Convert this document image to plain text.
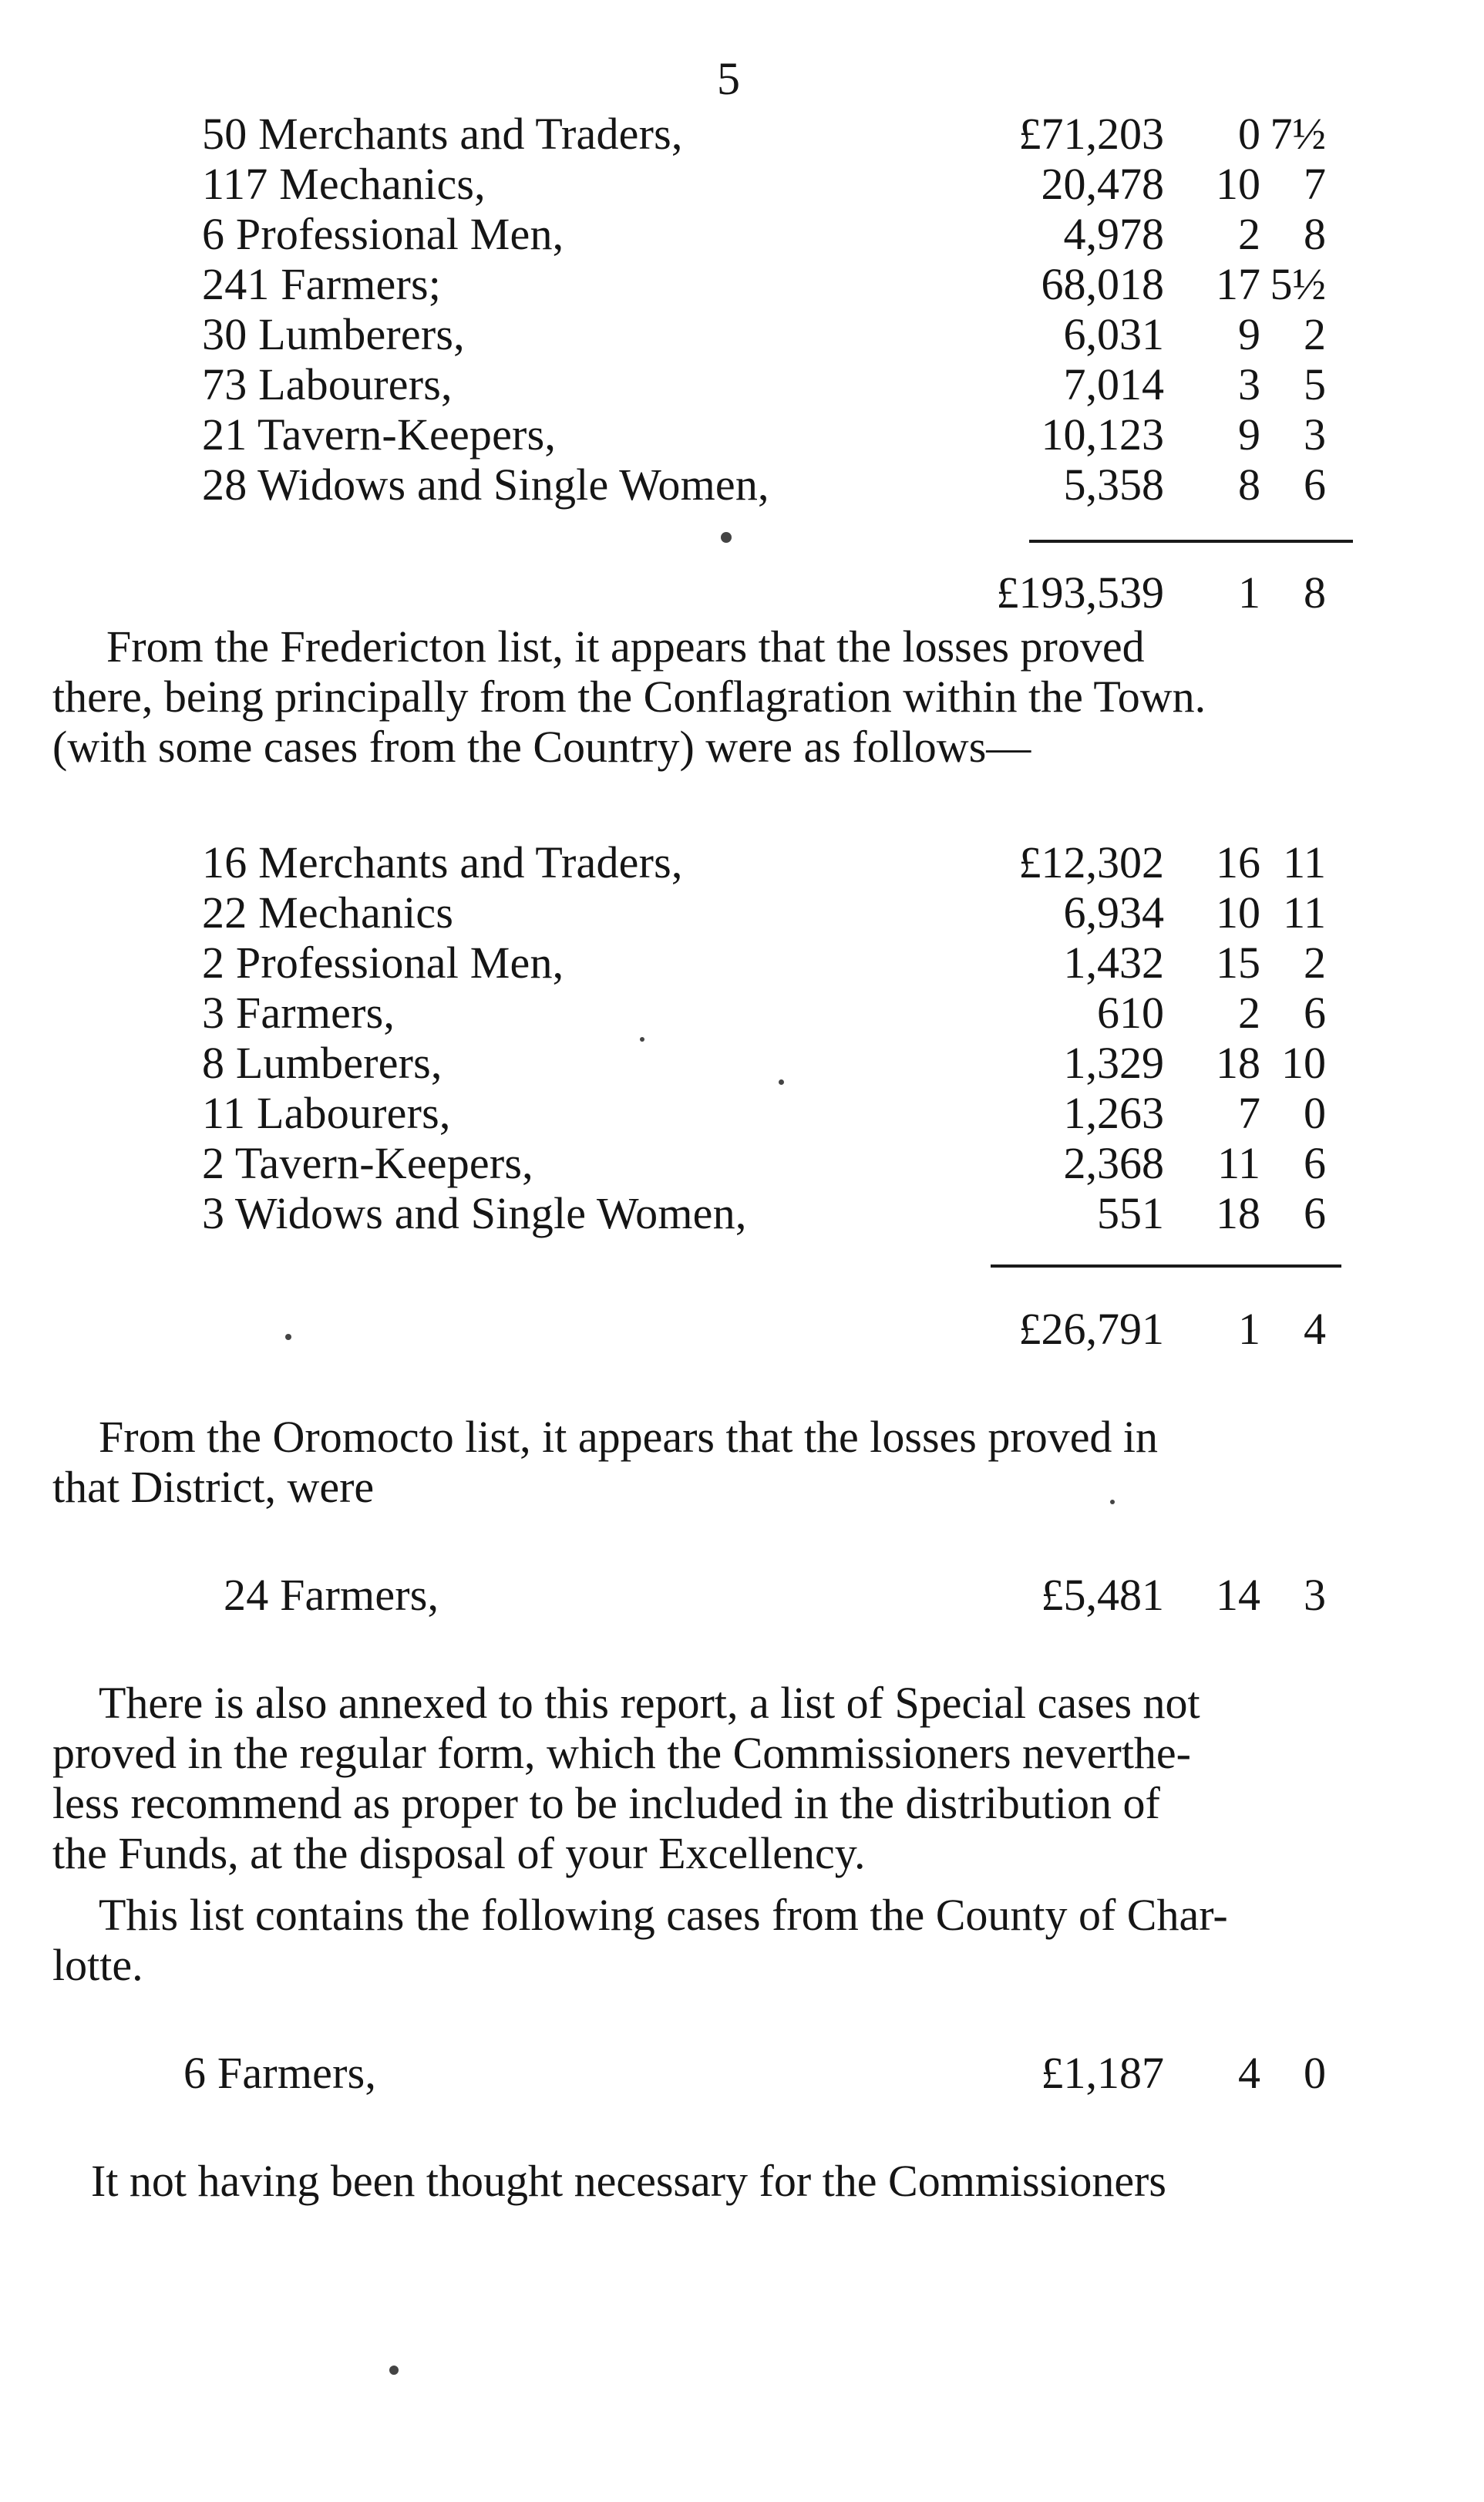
5
50 Merchants and Traders,	£71,203 0 7½
117 Mechanics,	20,478 10 7
6 Professional Men,	4,978 2 8
241 Farmers;	68,018 17 5½
30 Lumberers,	6,031 9 2
73 Labourers,	7,014 3 5
21 Tavern-Keepers,	10,123 9 3
28 Widows and Single Women,	5,358 8 6
£193,539 1 8
From the Fredericton list, it appears that the losses proved
there, being principally from the Conflagration within the Town.
(with some cases from the Country) were as follows—
16 Merchants and Traders,	£12,302 16 11
22 Mechanics	6,934 10 11
2 Professional Men,	1,432 15 2
3 Farmers,	610 2 6
8 Lumberers,	1,329 18 10
11 Labourers,	1,263 7 0
2 Tavern-Keepers,	2,368 11 6
3 Widows and Single Women,	551 18 6
£26,791 1 4
From the Oromocto list, it appears that the losses proved in
that District, were
24 Farmers,	£5,481 14 3
There is also annexed to this report, a list of Special cases not
proved in the regular form, which the Commissioners neverthe-
less recommend as proper to be included in the distribution of
the Funds, at the disposal of your Excellency.
This list contains the following cases from the County of Char-
lotte.
6 Farmers,	£1,187 4 0
It not having been thought necessary for the Commissioners
